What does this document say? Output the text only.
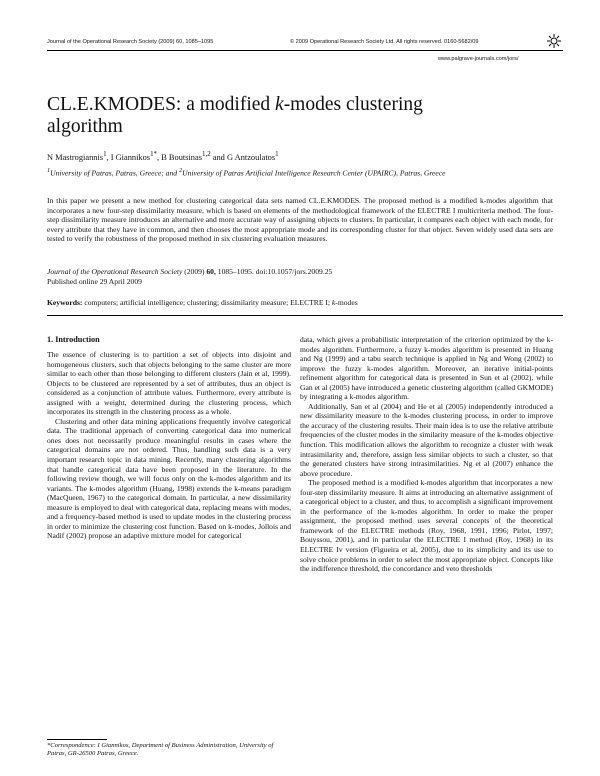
Journal of the Operational Research Society (2009) 60, 1085–1095	© 2009 Operational Research Society Ltd. All rights reserved. 0160-5682/09
www.palgrave-journals.com/jors/
CL.E.KMODES: a modified k-modes clustering
algorithm
N Mastrogiannis$^1$, I Giannikos$^{1*}$, B Boutsinas$^{1,2}$ and G Antzoulatos$^1$
$^1$University of Patras, Patras, Greece; and $^2$University of Patras Artificial Intelligence Research Center (UPAIRC), Patras, Greece
In this paper we present a new method for clustering categorical data sets named CL.E.KMODES. The proposed method is a modified k-modes algorithm that incorporates a new four-step dissimilarity measure, which is based on elements of the methodological framework of the ELECTRE I multicriteria method. The four-step dissimilarity measure introduces an alternative and more accurate way of assigning objects to clusters. In particular, it compares each object with each mode, for every attribute that they have in common, and then chooses the most appropriate mode and its corresponding cluster for that object. Seven widely used data sets are tested to verify the robustness of the proposed method in six clustering evaluation measures.
Journal of the Operational Research Society (2009) 60, 1085–1095. doi:10.1057/jors.2009.25
Published online 29 April 2009
Keywords: computers; artificial intelligence; clustering; dissimilarity measure; ELECTRE I; k-modes
1. Introduction

The essence of clustering is to partition a set of objects into disjoint and homogeneous clusters, such that objects belonging to the same cluster are more similar to each other than those belonging to different clusters (Jain et al, 1999). Objects to be clustered are represented by a set of attributes, thus an object is considered as a conjunction of attribute values. Furthermore, every attribute is assigned with a weight, determined during the clustering process, which incorporates its strength in the clustering process as a whole.

Clustering and other data mining applications frequently involve categorical data. The traditional approach of converting categorical data into numerical ones does not necessarily produce meaningful results in cases where the categorical domains are not ordered. Thus, handling such data is a very important research topic in data mining. Recently, many clustering algorithms that handle categorical data have been proposed in the literature. In the following review though, we will focus only on the k-modes algorithm and its variants. The k-modes algorithm (Huang, 1998) extends the k-means paradigm (MacQueen, 1967) to the categorical domain. In particular, a new dissimilarity measure is employed to deal with categorical data, replacing means with modes, and a frequency-based method is used to update modes in the clustering process in order to minimize the clustering cost function. Based on k-modes, Jollois and Nadif (2002) propose an adaptive mixture model for categorical

*Correspondence: I Giannikos, Department of Business Administration, University of Patras, GR-26500 Patras, Greece.

data, which gives a probabilistic interpretation of the criterion optimized by the k-modes algorithm. Furthermore, a fuzzy k-modes algorithm is presented in Huang and Ng (1999) and a tabu search technique is applied in Ng and Wong (2002) to improve the fuzzy k-modes algorithm. Moreover, an iterative initial-points refinement algorithm for categorical data is presented in Sun et al (2002), while Gan et al (2005) have introduced a genetic clustering algorithm (called GKMODE) by integrating a k-modes algorithm.

Additionally, San et al (2004) and He et al (2005) independently introduced a new dissimilarity measure to the k-modes clustering process, in order to improve the accuracy of the clustering results. Their main idea is to use the relative attribute frequencies of the cluster modes in the similarity measure of the k-modes objective function. This modification allows the algorithm to recognize a cluster with weak intrasimilarity and, therefore, assign less similar objects to such a cluster, so that the generated clusters have strong intrasimilarities. Ng et al (2007) enhance the above procedure.

The proposed method is a modified k-modes algorithm that incorporates a new four-step dissimilarity measure. It aims at introducing an alternative assignment of a categorical object to a cluster, and thus, to accomplish a significant improvement in the performance of the k-modes algorithm. In order to make the proper assignment, the proposed method uses several concepts of the theoretical framework of the ELECTRE methods (Roy, 1968, 1991, 1996; Pirlot, 1997; Bouyssou, 2001), and in particular the ELECTRE I method (Roy, 1968) in its ELECTRE Iv version (Figueira et al, 2005), due to its simplicity and its use to solve choice problems in order to select the most appropriate object. Concepts like the indifference threshold, the concordance and veto thresholds
